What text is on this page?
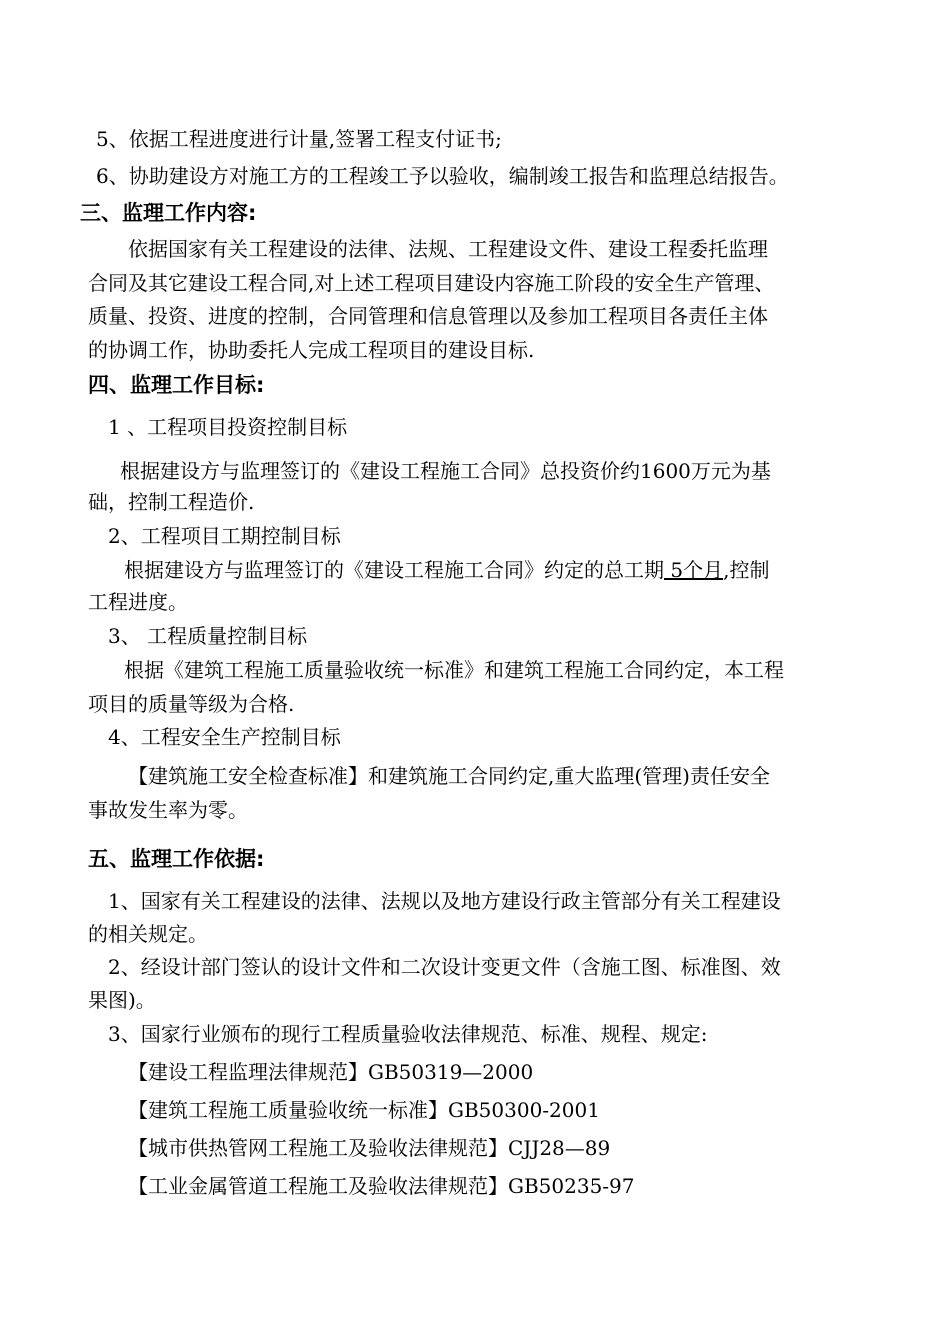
5、依据工程进度进行计量,签署工程支付证书;
6、协助建设方对施工方的工程竣工予以验收，编制竣工报告和监理总结报告。
三、监理工作内容:
依据国家有关工程建设的法律、法规、工程建设文件、建设工程委托监理
合同及其它建设工程合同,对上述工程项目建设内容施工阶段的安全生产管理、
质量、投资、进度的控制，合同管理和信息管理以及参加工程项目各责任主体
的协调工作，协助委托人完成工程项目的建设目标.
四、监理工作目标:
1 、工程项目投资控制目标
根据建设方与监理签订的《建设工程施工合同》总投资价约1600万元为基
础，控制工程造价.
2、工程项目工期控制目标
根据建设方与监理签订的《建设工程施工合同》约定的总工期 5个月,控制
工程进度。
3、 工程质量控制目标
根据《建筑工程施工质量验收统一标准》和建筑工程施工合同约定，本工程
项目的质量等级为合格.
4、工程安全生产控制目标
【建筑施工安全检查标准】和建筑施工合同约定,重大监理(管理)责任安全
事故发生率为零。
五、监理工作依据:
1、国家有关工程建设的法律、法规以及地方建设行政主管部分有关工程建设
的相关规定。
2、经设计部门签认的设计文件和二次设计变更文件（含施工图、标准图、效
果图)。
3、国家行业颁布的现行工程质量验收法律规范、标准、规程、规定:
【建设工程监理法律规范】GB50319—2000
【建筑工程施工质量验收统一标准】GB50300-2001
【城市供热管网工程施工及验收法律规范】CJJ28—89
【工业金属管道工程施工及验收法律规范】GB50235-97
